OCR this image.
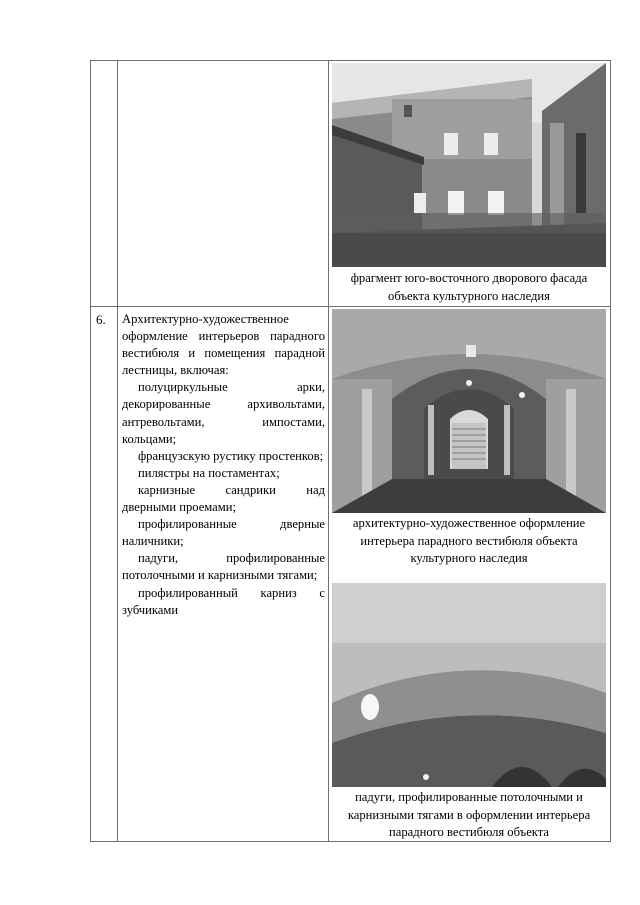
фрагмент юго-восточного дворового фасада объекта культурного наследия
6. Архитектурно-художественное оформление интерьеров парадного вестибюля и помещения парадной лестницы, включая:

полуциркульные арки, декорированные архивольтами, антревольтами, импостами, кольцами;

французскую рустику простенков;

пилястры на постаментах;

карнизные сандрики над дверными проемами;

профилированные дверные наличники;

падуги, профилированные потолочными и карнизными тягами;

профилированный карниз с зубчиками

архитектурно-художественное оформление интерьера парадного вестибюля объекта культурного наследия
падуги, профилированные потолочными и карнизными тягами в оформлении интерьера парадного вестибюля объекта
